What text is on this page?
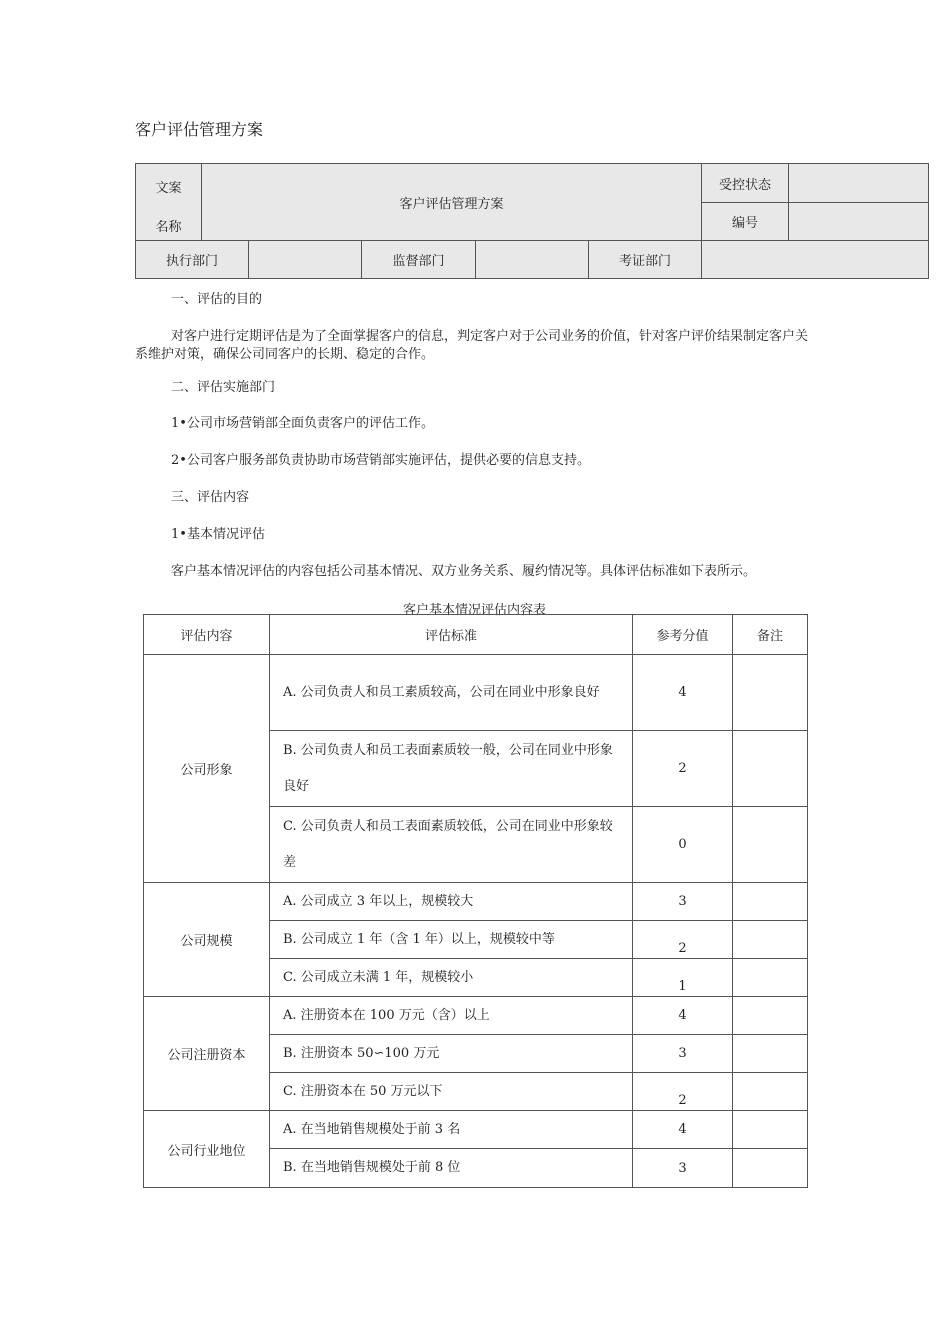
客户评估管理方案
文案
名称	客户评估管理方案					受控状态	
						编号	
执行部门			监督部门		考证部门		
一、评估的目的
对客户进行定期评估是为了全面掌握客户的信息，判定客户对于公司业务的价值，针对客户评价结果制定客户关系维护对策，确保公司同客户的长期、稳定的合作。
二、评估实施部门
1•公司市场营销部全面负责客户的评估工作。
2•公司客户服务部负责协助市场营销部实施评估，提供必要的信息支持。
三、评估内容
1•基本情况评估
客户基本情况评估的内容包括公司基本情况、双方业务关系、履约情况等。具体评估标准如下表所示。
客户基本情况评估内容表
评估内容	评估标准	参考分值	备注
公司形象	A. 公司负责人和员工素质较高，公司在同业中形象良好	4	
	B. 公司负责人和员工表面素质较一般，公司在同业中形象良好	2	
	C. 公司负责人和员工表面素质较低，公司在同业中形象较差	0	
公司规模	A. 公司成立 3 年以上，规模较大	3	
	B. 公司成立 1 年（含 1 年）以上，规模较中等	2	
	C. 公司成立未满 1 年，规模较小	1	
公司注册资本	A. 注册资本在 100 万元（含）以上	4	
	B. 注册资本 50∽100 万元	3	
	C. 注册资本在 50 万元以下	2	
公司行业地位	A. 在当地销售规模处于前 3 名	4	
	B. 在当地销售规模处于前 8 位	3	
